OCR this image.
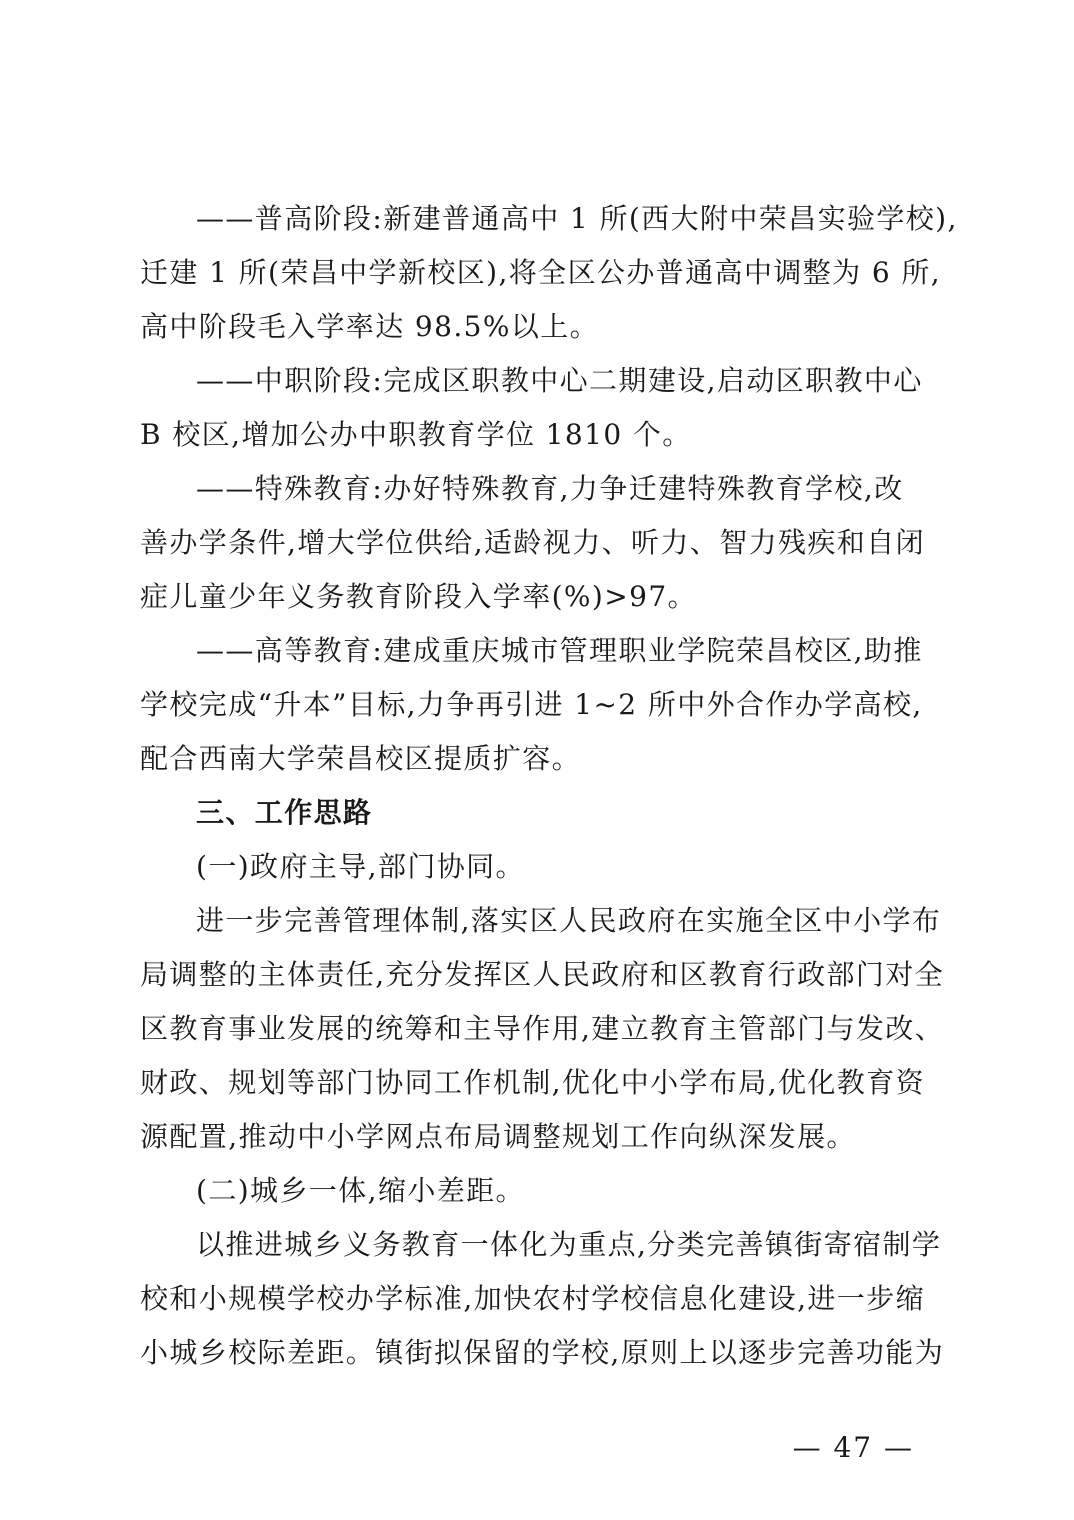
——普高阶段:新建普通高中 1 所(西大附中荣昌实验学校),
迁建 1 所(荣昌中学新校区),将全区公办普通高中调整为 6 所,
高中阶段毛入学率达 98.5%以上。
——中职阶段:完成区职教中心二期建设,启动区职教中心
B 校区,增加公办中职教育学位 1810 个。
——特殊教育:办好特殊教育,力争迁建特殊教育学校,改
善办学条件,增大学位供给,适龄视力、听力、智力残疾和自闭
症儿童少年义务教育阶段入学率(%)>97。
——高等教育:建成重庆城市管理职业学院荣昌校区,助推
学校完成“升本”目标,力争再引进 1~2 所中外合作办学高校,
配合西南大学荣昌校区提质扩容。
三、工作思路
(一)政府主导,部门协同。
进一步完善管理体制,落实区人民政府在实施全区中小学布
局调整的主体责任,充分发挥区人民政府和区教育行政部门对全
区教育事业发展的统筹和主导作用,建立教育主管部门与发改、
财政、规划等部门协同工作机制,优化中小学布局,优化教育资
源配置,推动中小学网点布局调整规划工作向纵深发展。
(二)城乡一体,缩小差距。
以推进城乡义务教育一体化为重点,分类完善镇街寄宿制学
校和小规模学校办学标准,加快农村学校信息化建设,进一步缩
小城乡校际差距。镇街拟保留的学校,原则上以逐步完善功能为
— 47 —
